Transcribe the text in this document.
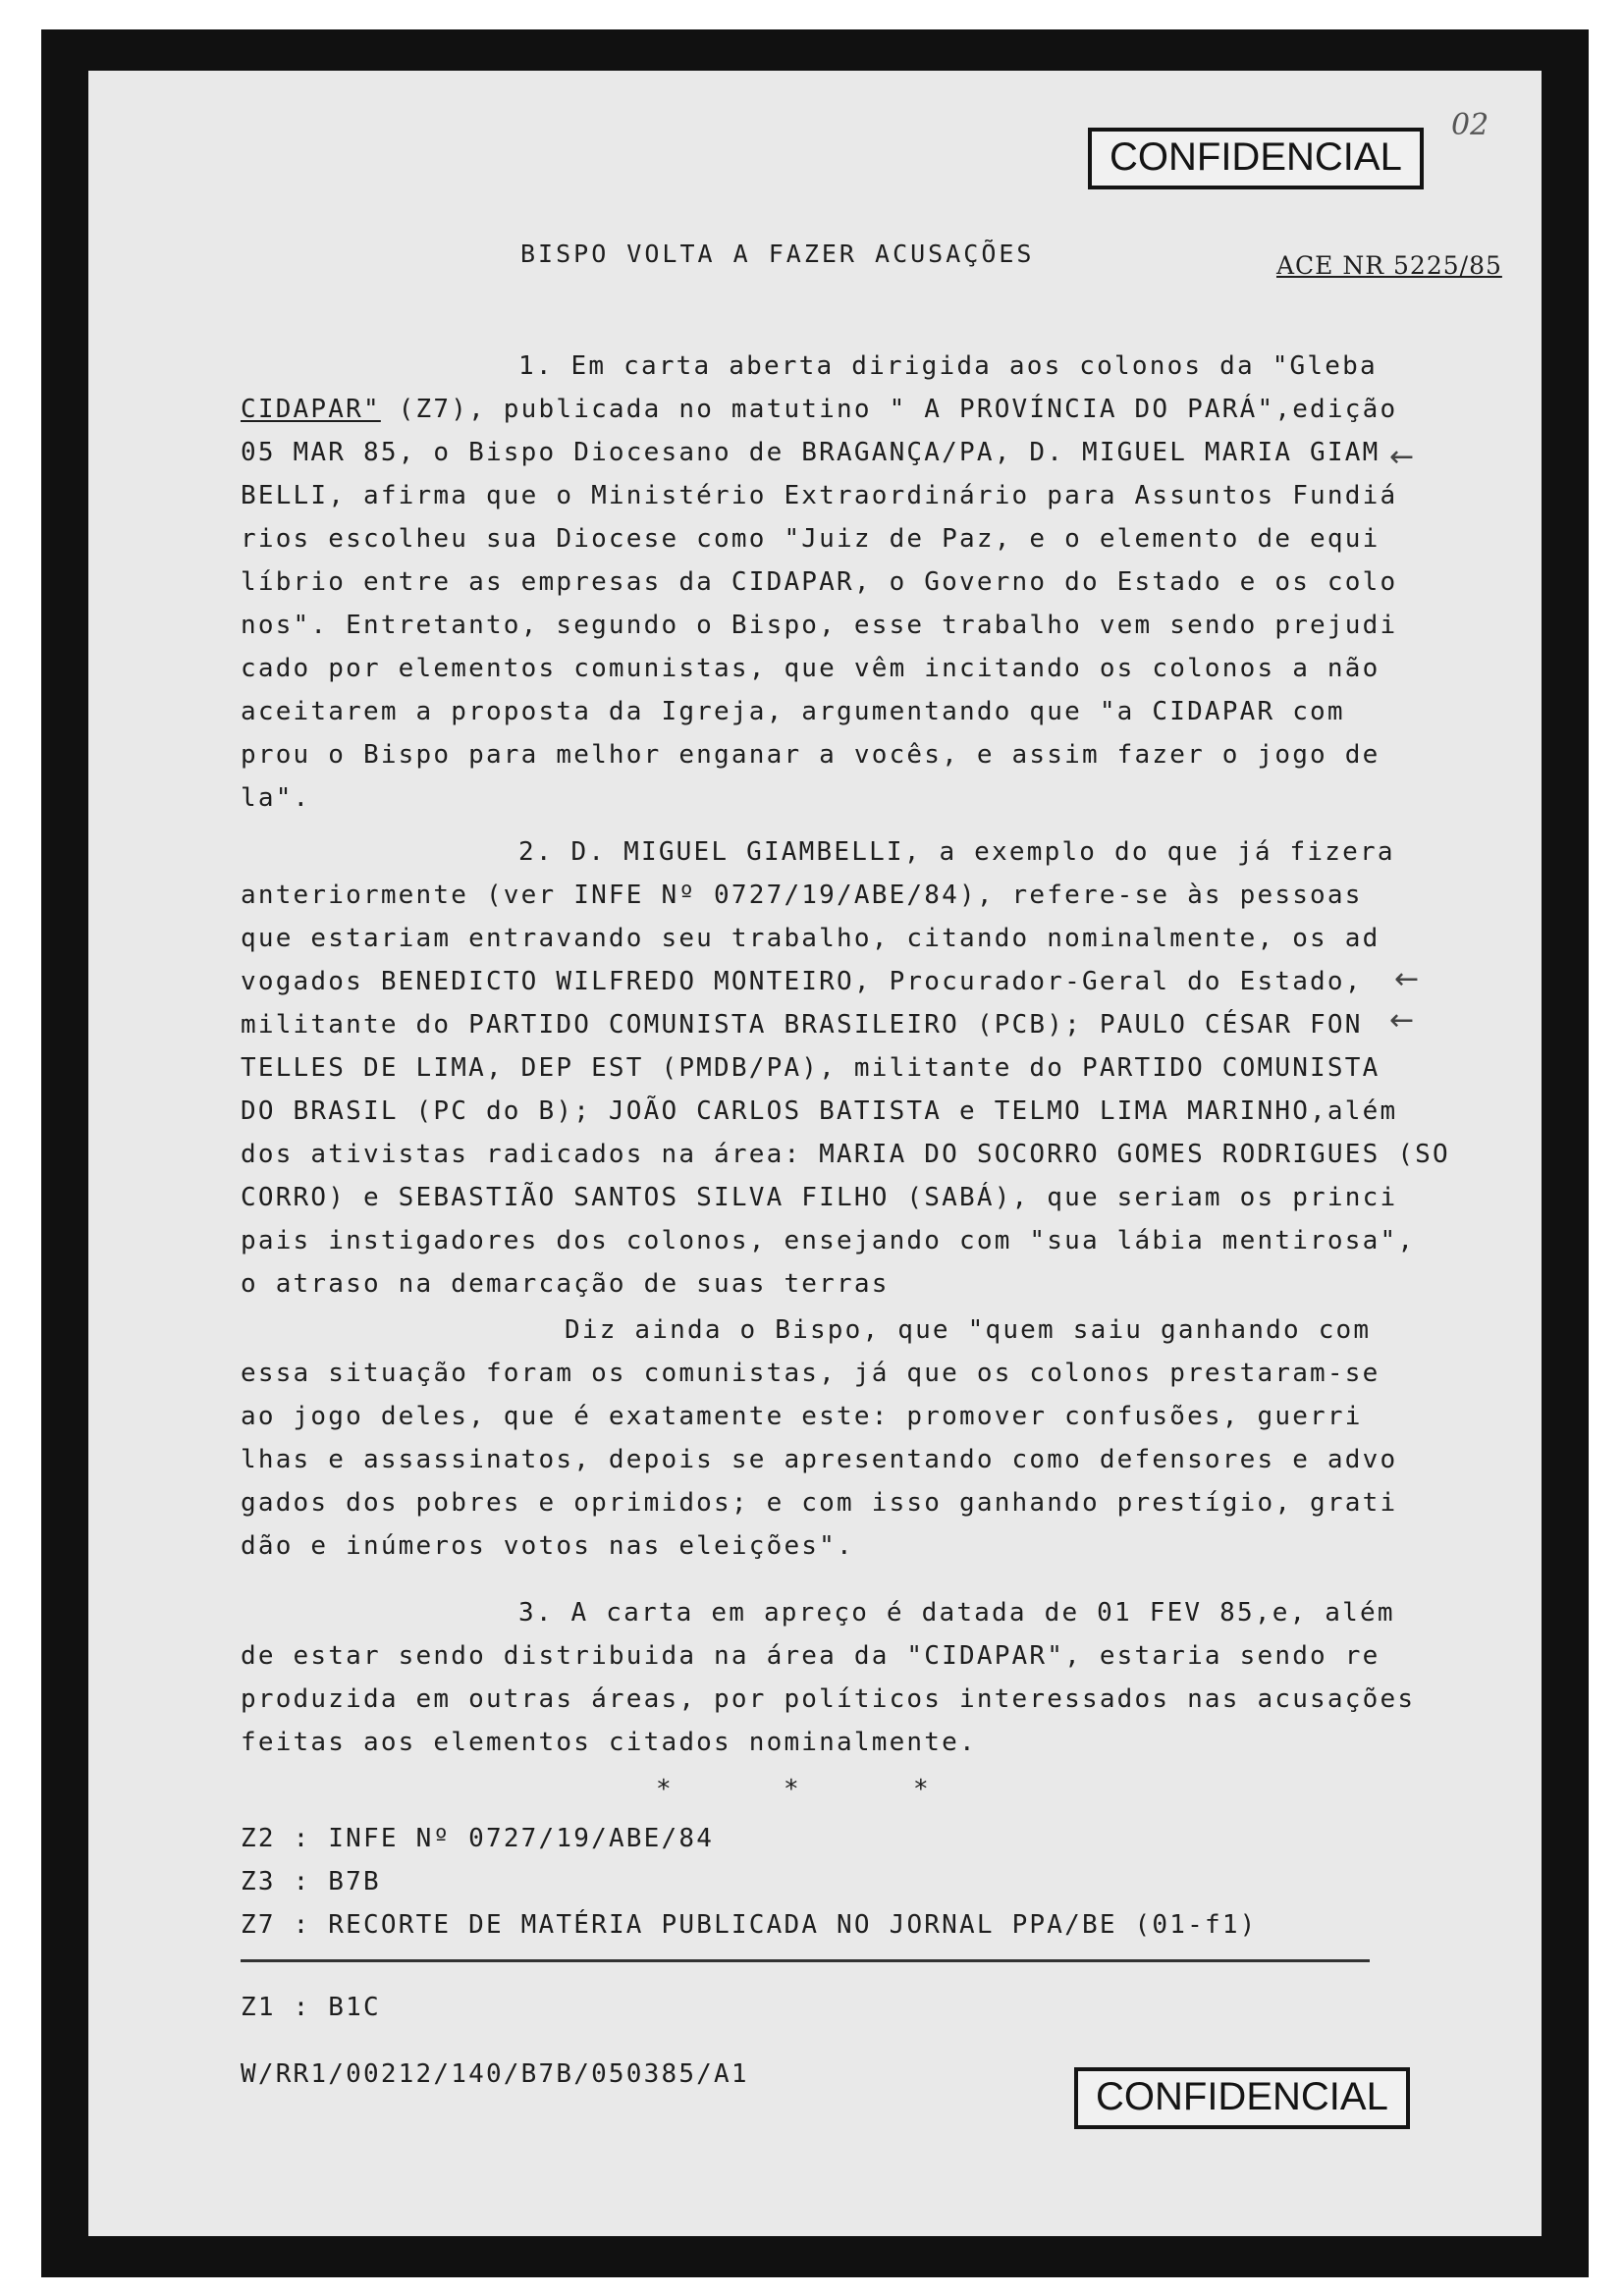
CONFIDENCIAL
02
BISPO VOLTA A FAZER ACUSAÇÕES	ACE NR 5225/85
1. Em carta aberta dirigida aos colonos da "Gleba
CIDAPAR" (Z7), publicada no matutino " A PROVÍNCIA DO PARÁ",edição
05 MAR 85, o Bispo Diocesano de BRAGANÇA/PA, D. MIGUEL MARIA GIAM
BELLI, afirma que o Ministério Extraordinário para Assuntos Fundiá
rios escolheu sua Diocese como "Juiz de Paz, e o elemento de equi
líbrio entre as empresas da CIDAPAR, o Governo do Estado e os colo
nos". Entretanto, segundo o Bispo, esse trabalho vem sendo prejudi
cado por elementos comunistas, que vêm incitando os colonos a não
aceitarem a proposta da Igreja, argumentando que "a CIDAPAR com
prou o Bispo para melhor enganar a vocês, e assim fazer o jogo de
la".
←
2. D. MIGUEL GIAMBELLI, a exemplo do que já fizera
anteriormente (ver INFE Nº 0727/19/ABE/84), refere-se às pessoas
que estariam entravando seu trabalho, citando nominalmente, os ad
vogados BENEDICTO WILFREDO MONTEIRO, Procurador-Geral do Estado,
militante do PARTIDO COMUNISTA BRASILEIRO (PCB); PAULO CÉSAR FON
TELLES DE LIMA, DEP EST (PMDB/PA), militante do PARTIDO COMUNISTA
DO BRASIL (PC do B); JOÃO CARLOS BATISTA e TELMO LIMA MARINHO,além
dos ativistas radicados na área: MARIA DO SOCORRO GOMES RODRIGUES (SO
CORRO) e SEBASTIÃO SANTOS SILVA FILHO (SABÁ), que seriam os princi
pais instigadores dos colonos, ensejando com "sua lábia mentirosa",
o atraso na demarcação de suas terras
←
←
Diz ainda o Bispo, que "quem saiu ganhando com
essa situação foram os comunistas, já que os colonos prestaram-se
ao jogo deles, que é exatamente este: promover confusões, guerri
lhas e assassinatos, depois se apresentando como defensores e advo
gados dos pobres e oprimidos; e com isso ganhando prestígio, grati
dão e inúmeros votos nas eleições".
3. A carta em apreço é datada de 01 FEV 85,e, além
de estar sendo distribuida na área da "CIDAPAR", estaria sendo re
produzida em outras áreas, por políticos interessados nas acusações
feitas aos elementos citados nominalmente.
*	*	*
Z2 : INFE Nº 0727/19/ABE/84
Z3 : B7B
Z7 : RECORTE DE MATÉRIA PUBLICADA NO JORNAL PPA/BE (01-f1)
Z1 : B1C
W/RR1/00212/140/B7B/050385/A1
CONFIDENCIAL
